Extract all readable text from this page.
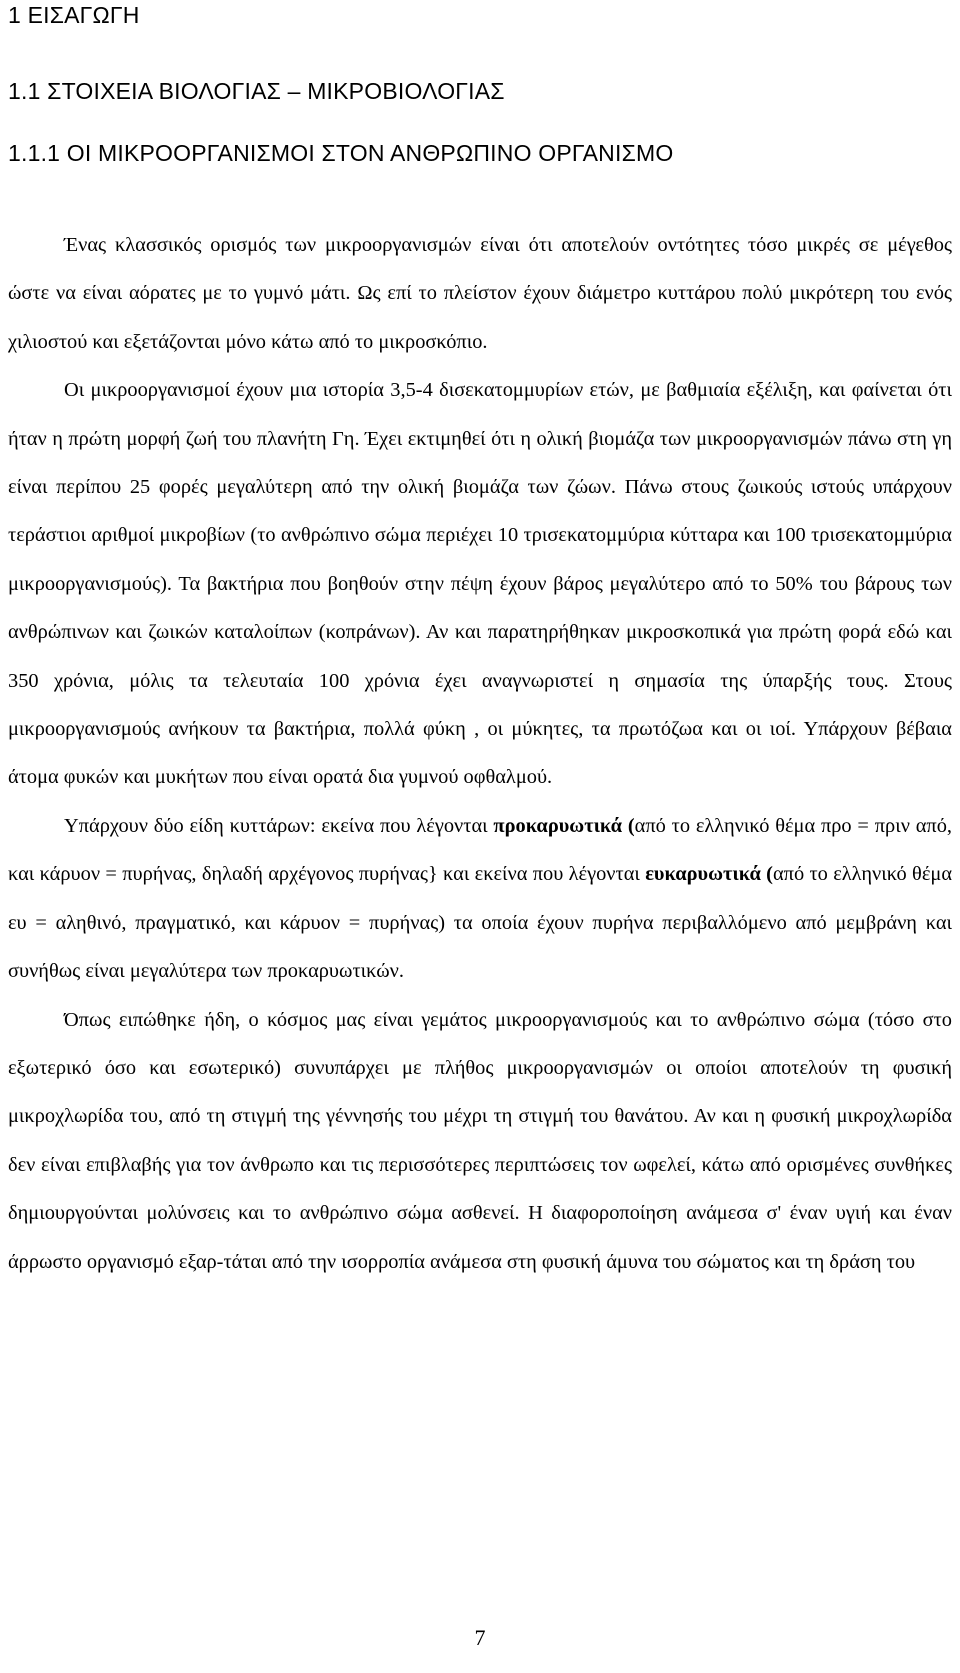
1 ΕΙΣΑΓΩΓΗ
1.1 ΣΤΟΙΧΕΙΑ ΒΙΟΛΟΓΙΑΣ – ΜΙΚΡΟΒΙΟΛΟΓΙΑΣ
1.1.1 ΟΙ ΜΙΚΡΟΟΡΓΑΝΙΣΜΟΙ ΣΤΟΝ ΑΝΘΡΩΠΙΝΟ ΟΡΓΑΝΙΣΜΟ

Ένας κλασσικός ορισμός των μικροοργανισμών είναι ότι αποτελούν οντότητες τόσο μικρές σε μέγεθος ώστε να είναι αόρατες με το γυμνό μάτι. Ως επί το πλείστον έχουν διάμετρο κυττάρου πολύ μικρότερη του ενός χιλιοστού και εξετάζονται μόνο κάτω από το μικροσκόπιο.

Οι μικροοργανισμοί έχουν μια ιστορία 3,5-4 δισεκατομμυρίων ετών, με βαθμιαία εξέλιξη, και φαίνεται ότι ήταν η πρώτη μορφή ζωή του πλανήτη Γη. Έχει εκτιμηθεί ότι η ολική βιομάζα των μικροοργανισμών πάνω στη γη είναι περίπου 25 φορές μεγαλύτερη από την ολική βιομάζα των ζώων. Πάνω στους ζωικούς ιστούς υπάρχουν τεράστιοι αριθμοί μικροβίων (το ανθρώπινο σώμα περιέχει 10 τρισεκατομμύρια κύτταρα και 100 τρισεκατομμύρια μικροοργανισμούς). Τα βακτήρια που βοηθούν στην πέψη έχουν βάρος μεγαλύτερο από το 50% του βάρους των ανθρώπινων και ζωικών καταλοίπων (κοπράνων). Αν και παρατηρήθηκαν μικροσκοπικά για πρώτη φορά εδώ και 350 χρόνια, μόλις τα τελευταία 100 χρόνια έχει αναγνωριστεί η σημασία της ύπαρξής τους. Στους μικροοργανισμούς ανήκουν τα βακτήρια, πολλά φύκη , οι μύκητες, τα πρωτόζωα και οι ιοί. Υπάρχουν βέβαια άτομα φυκών και μυκήτων που είναι ορατά δια γυμνού οφθαλμού.

Υπάρχουν δύο είδη κυττάρων: εκείνα που λέγονται προκαρυωτικά (από το ελληνικό θέμα προ = πριν από, και κάρυον = πυρήνας, δηλαδή αρχέγονος πυρήνας} και εκείνα που λέγονται ευκαρυωτικά (από το ελληνικό θέμα ευ = αληθινό, πραγματικό, και κάρυον = πυρήνας) τα οποία έχουν πυρήνα περιβαλλόμενο από μεμβράνη και συνήθως είναι μεγαλύτερα των προκαρυωτικών.

Όπως ειπώθηκε ήδη, ο κόσμος μας είναι γεμάτος μικροοργανισμούς και το ανθρώπινο σώμα (τόσο στο εξωτερικό όσο και εσωτερικό) συνυπάρχει με πλήθος μικροοργανισμών οι οποίοι αποτελούν τη φυσική μικροχλωρίδα του, από τη στιγμή της γέννησής του μέχρι τη στιγμή του θανάτου. Αν και η φυσική μικροχλωρίδα δεν είναι επιβλαβής για τον άνθρωπο και τις περισσότερες περιπτώσεις τον ωφελεί, κάτω από ορισμένες συνθήκες δημιουργούνται μολύνσεις και το ανθρώπινο σώμα ασθενεί. Η διαφοροποίηση ανάμεσα σ' έναν υγιή και έναν άρρωστο οργανισμό εξαρ-τάται από την ισορροπία ανάμεσα στη φυσική άμυνα του σώματος και τη δράση του

7
